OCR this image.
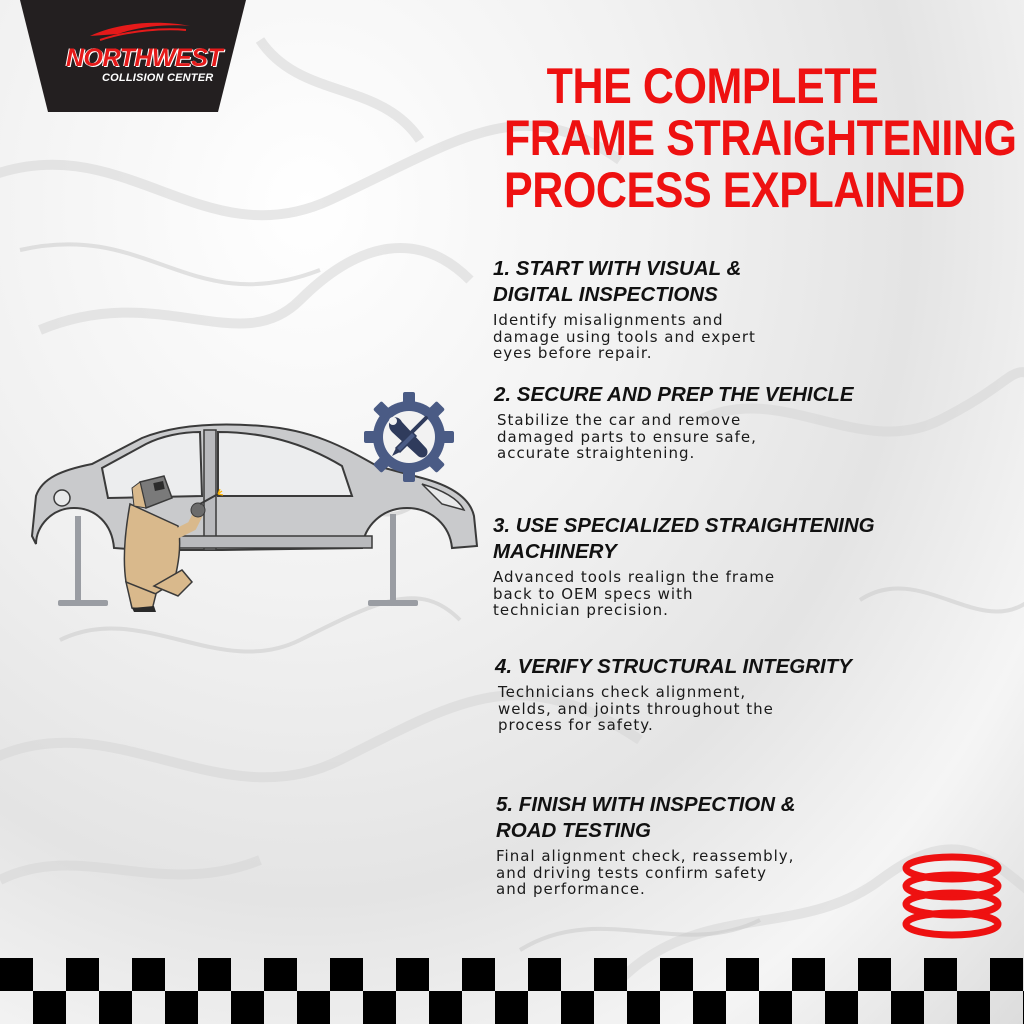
NORTHWEST
COLLISION CENTER	THE COMPLETE
FRAME STRAIGHTENING
PROCESS EXPLAINED
1. START WITH VISUAL &
DIGITAL INSPECTIONS
Identify misalignments and
damage using tools and expert
eyes before repair.
2. SECURE AND PREP THE VEHICLE
Stabilize the car and remove
damaged parts to ensure safe,
accurate straightening.
3. USE SPECIALIZED STRAIGHTENING
MACHINERY
Advanced tools realign the frame
back to OEM specs with
technician precision.
4. VERIFY STRUCTURAL INTEGRITY
Technicians check alignment,
welds, and joints throughout the
process for safety.
5. FINISH WITH INSPECTION &
ROAD TESTING
Final alignment check, reassembly,
and driving tests confirm safety
and performance.
